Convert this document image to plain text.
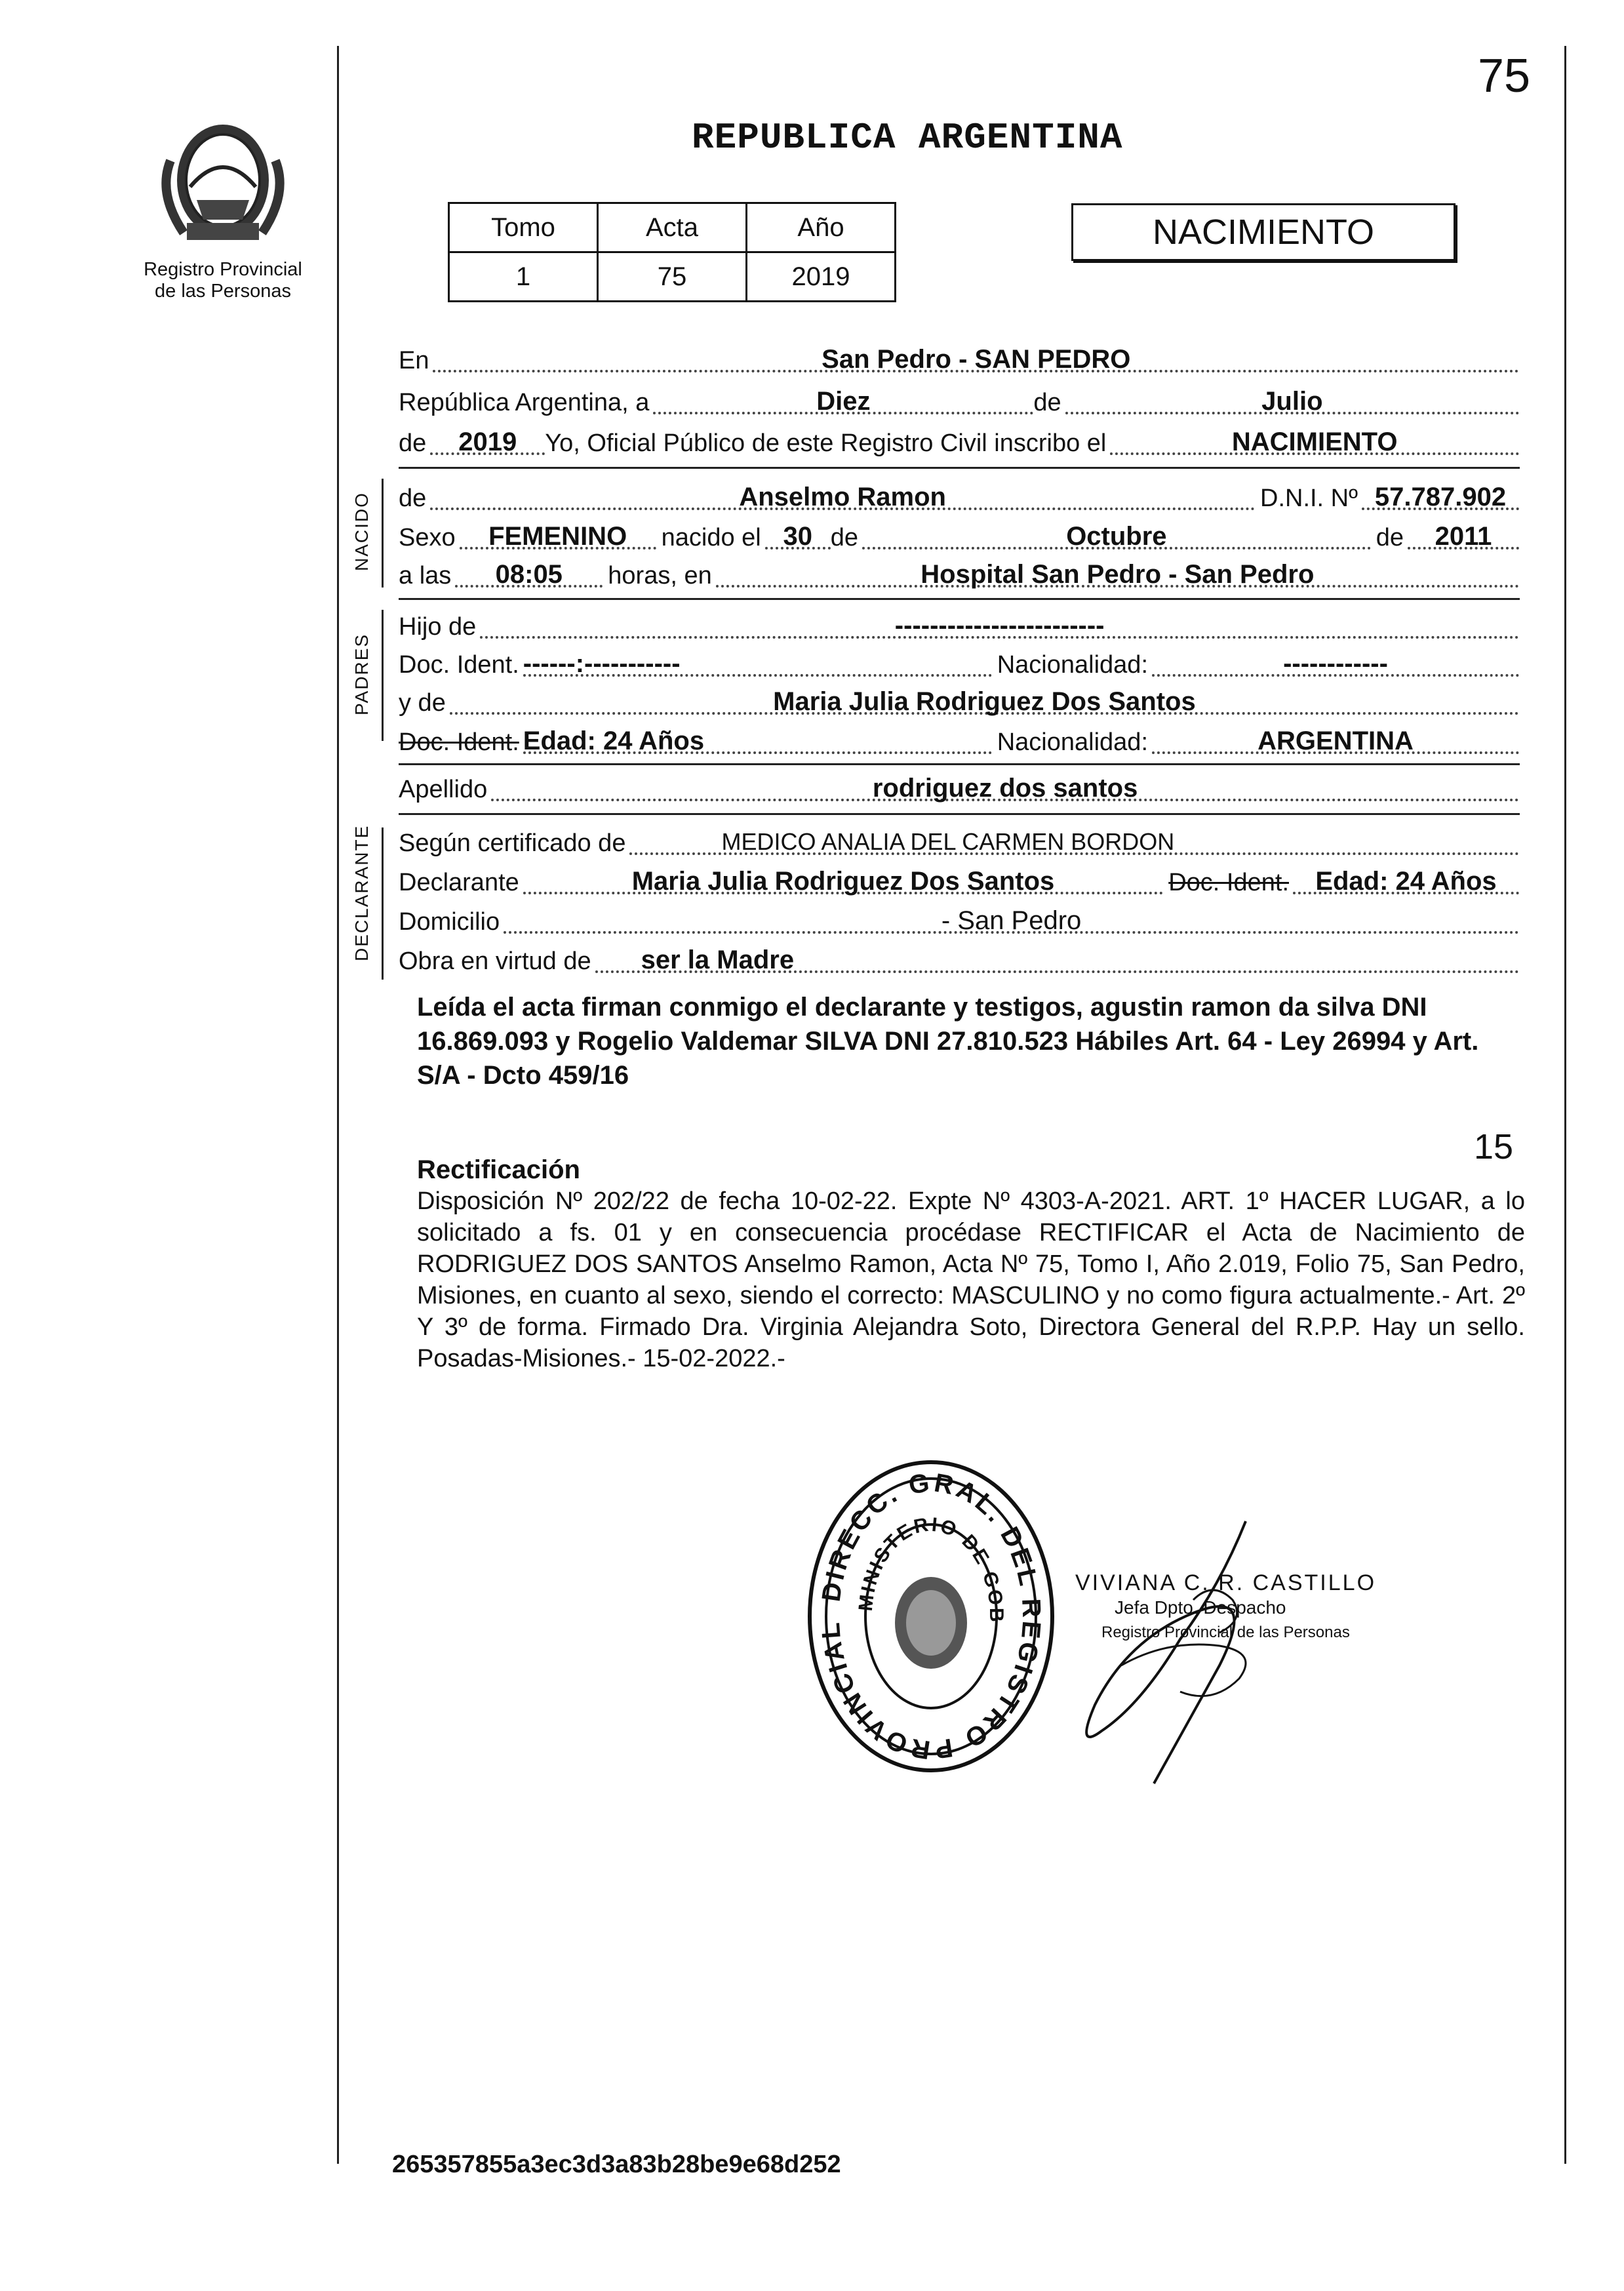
Registro Provincial
de las Personas
75
REPUBLICA ARGENTINA
Tomo	Acta	Año
1	75	2019
NACIMIENTO
En	San Pedro - SAN PEDRO
República Argentina, a	Diez	de	Julio
de	2019	Yo, Oficial Público de este Registro Civil inscribo el	NACIMIENTO
NACIDO de	Anselmo Ramon	D.N.I. Nº 57.787.902
Sexo	FEMENINO	nacido el 30 de	Octubre	de	2011
a las	08:05	horas, en	Hospital San Pedro - San Pedro
PADRES
Hijo de	------------------------
Doc. Ident. ------:-----------	Nacionalidad:	------------
y de	Maria Julia Rodriguez Dos Santos
Doc. Ident. Edad: 24 Años	Nacionalidad:	ARGENTINA
Apellido	rodriguez dos santos
DECLARANTE Según certificado de	MEDICO ANALIA DEL CARMEN BORDON
Declarante	Maria Julia Rodriguez Dos Santos	Doc. Ident.	Edad: 24 Años
Domicilio	- San Pedro
Obra en virtud de	ser la Madre
Leída el acta firman conmigo el declarante y testigos, agustin ramon da silva DNI 16.869.093 y Rogelio Valdemar SILVA DNI 27.810.523 Hábiles Art. 64 - Ley 26994 y Art. S/A - Dcto 459/16
15
Rectificación
Disposición Nº 202/22 de fecha 10-02-22. Expte Nº 4303-A-2021. ART. 1º HACER LUGAR, a lo solicitado a fs. 01 y en consecuencia procédase RECTIFICAR el Acta de Nacimiento de RODRIGUEZ DOS SANTOS Anselmo Ramon, Acta Nº 75, Tomo I, Año 2.019, Folio 75, San Pedro, Misiones, en cuanto al sexo, siendo el correcto: MASCULINO y no como figura actualmente.- Art. 2º Y 3º de forma. Firmado Dra. Virginia Alejandra Soto, Directora General del R.P.P. Hay un sello. Posadas-Misiones.- 15-02-2022.-
DIRECC. GRAL. DEL REGISTRO PROVINCIAL
MINISTERIO DE GOB
VIVIANA C. R. CASTILLO
Jefa Dpto. Despacho
Registro Provincial de las Personas
265357855a3ec3d3a83b28be9e68d252
